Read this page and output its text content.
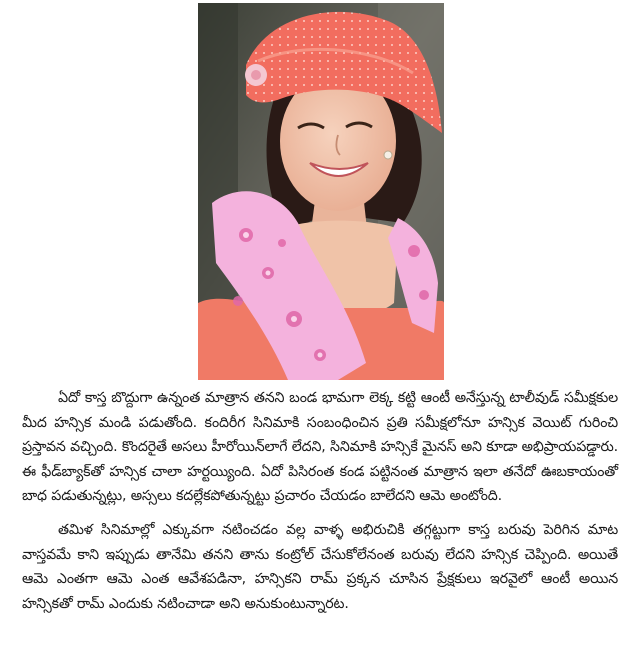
ఏదో కాస్త బొద్దుగా ఉన్నంత మాత్రాన తనని బండ భామగా లెక్క కట్టి ఆంటీ అనేస్తున్న టాలీవుడ్ సమీక్షకుల మీద హన్సిక మండి పడుతోంది. కందిరీగ సినిమాకి సంబంధించిన ప్రతి సమీక్షలోనూ హన్సిక వెయిట్ గురించి ప్రస్తావన వచ్చింది. కొందరైతే అసలు హీరోయిన్‌లాగే లేదని, సినిమాకి హన్సికే మైనస్ అని కూడా అభిప్రాయపడ్డారు. ఈ ఫీడ్‌బ్యాక్‌తో హన్సిక చాలా హర్టయ్యింది. ఏదో పిసిరంత కండ పట్టినంత మాత్రాన ఇలా తనేదో ఊబకాయంతో బాధ పడుతున్నట్లు, అస్సలు కదల్లేకపోతున్నట్టు ప్రచారం చేయడం బాలేదని ఆమె అంటోంది.

తమిళ సినిమాల్లో ఎక్కువగా నటించడం వల్ల వాళ్ళ అభిరుచికి తగ్గట్టుగా కాస్త బరువు పెరిగిన మాట వాస్తవమే కాని ఇప్పుడు తానేమి తనని తాను కంట్రోల్ చేసుకోలేనంత బరువు లేదని హన్సిక చెప్పింది. అయితే ఆమె ఎంతగా ఆమె ఎంత ఆవేశపడినా, హన్సికని రామ్ ప్రక్కన చూసిన ప్రేక్షకులు ఇరవైలో ఆంటీ అయిన హన్సికతో రామ్ ఎందుకు నటించాడా అని అనుకుంటున్నారట.
